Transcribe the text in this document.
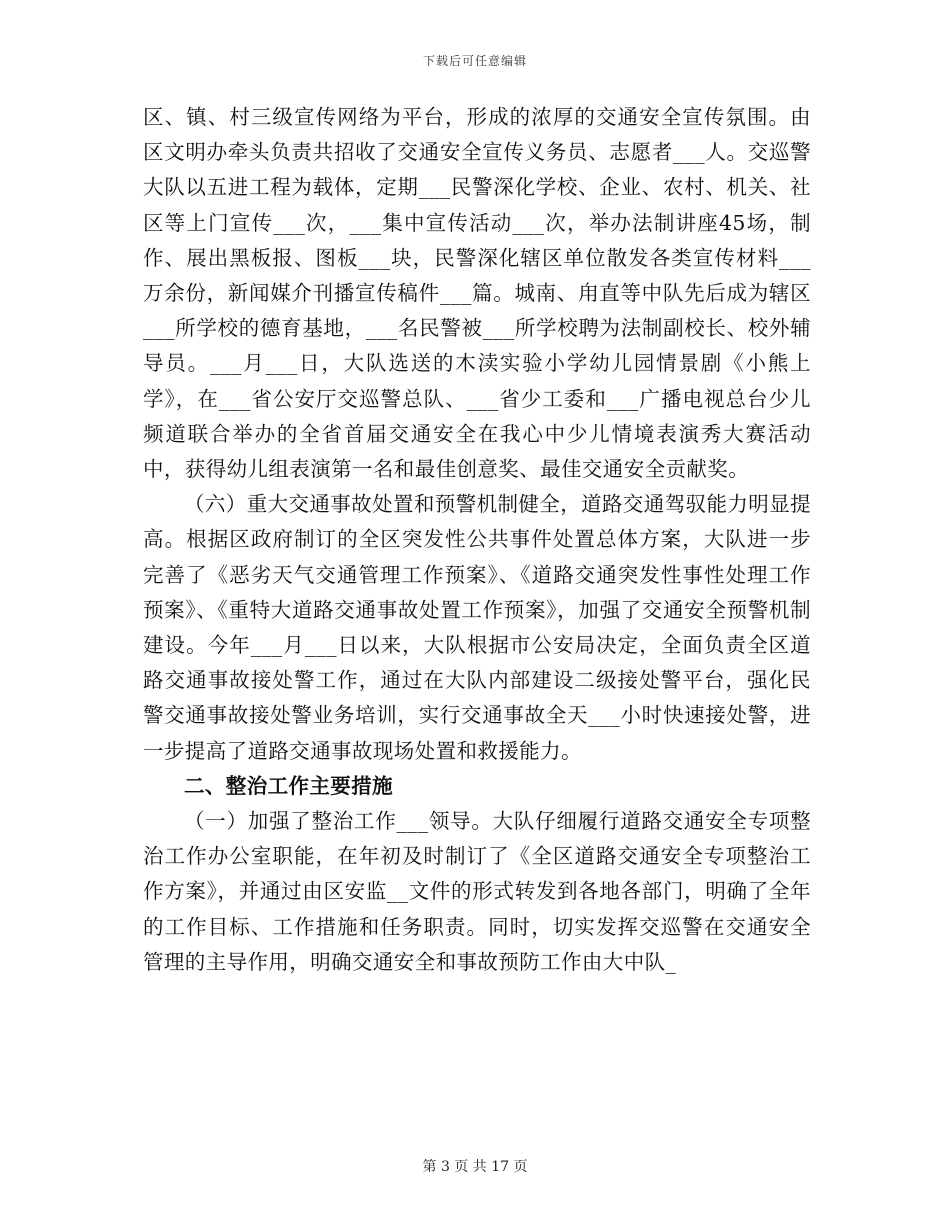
下载后可任意编辑

区、镇、村三级宣传网络为平台，形成的浓厚的交通安全宣传氛围。由区文明办牵头负责共招收了交通安全宣传义务员、志愿者___人。交巡警大队以五进工程为载体，定期___民警深化学校、企业、农村、机关、社区等上门宣传___次，___集中宣传活动___次，举办法制讲座45场，制作、展出黑板报、图板___块，民警深化辖区单位散发各类宣传材料___万余份，新闻媒介刊播宣传稿件___篇。城南、甪直等中队先后成为辖区___所学校的德育基地，___名民警被___所学校聘为法制副校长、校外辅导员。___月___日，大队选送的木渎实验小学幼儿园情景剧《小熊上学》，在___省公安厅交巡警总队、___省少工委和___广播电视总台少儿频道联合举办的全省首届交通安全在我心中少儿情境表演秀大赛活动中，获得幼儿组表演第一名和最佳创意奖、最佳交通安全贡献奖。

（六）重大交通事故处置和预警机制健全，道路交通驾驭能力明显提高。根据区政府制订的全区突发性公共事件处置总体方案，大队进一步完善了《恶劣天气交通管理工作预案》、《道路交通突发性事性处理工作预案》、《重特大道路交通事故处置工作预案》，加强了交通安全预警机制建设。今年___月___日以来，大队根据市公安局决定，全面负责全区道路交通事故接处警工作，通过在大队内部建设二级接处警平台，强化民警交通事故接处警业务培训，实行交通事故全天___小时快速接处警，进一步提高了道路交通事故现场处置和救援能力。

二、整治工作主要措施

（一）加强了整治工作___领导。大队仔细履行道路交通安全专项整治工作办公室职能，在年初及时制订了《全区道路交通安全专项整治工作方案》，并通过由区安监__文件的形式转发到各地各部门，明确了全年的工作目标、工作措施和任务职责。同时，切实发挥交巡警在交通安全管理的主导作用，明确交通安全和事故预防工作由大中队_

第 3 页 共 17 页
